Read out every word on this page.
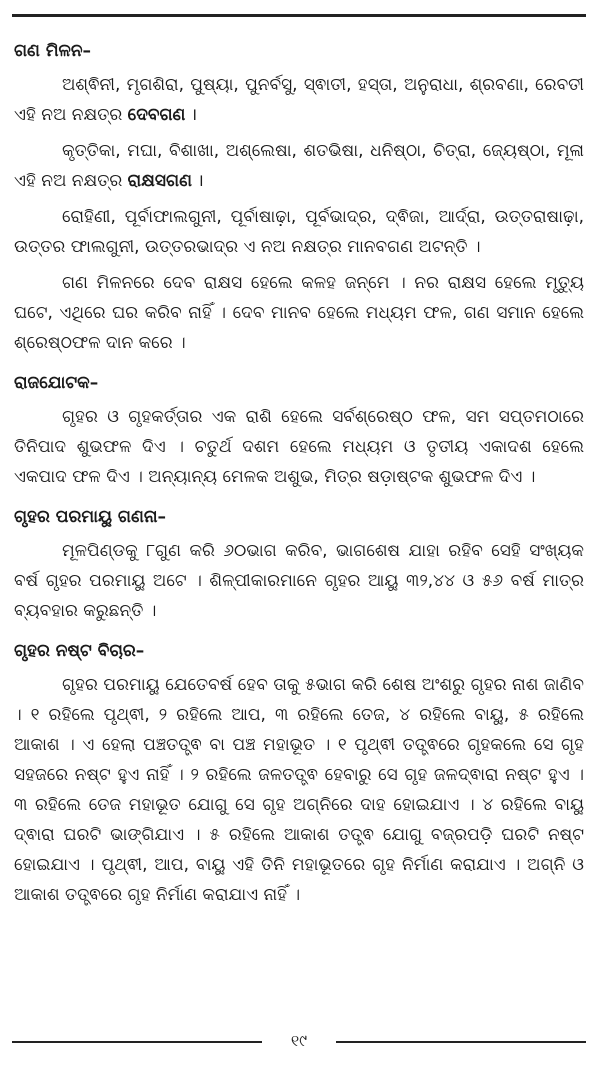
ଗଣ ମିଳନ–

ଅଶ୍ଵିନୀ, ମୃଗଶିରା, ପୁଷ୍ୟା, ପୁନର୍ବସୁ, ସ୍ଵାତୀ, ହସ୍ତା, ଅନୁରାଧା, ଶ୍ରବଣା, ରେବତୀ ଏହି ନଅ ନକ୍ଷତ୍ର ଦେବଗଣ ।

କୃତ୍ତିକା, ମଘା, ବିଶାଖା, ଅଶ୍ଲେଷା, ଶତଭିଷା, ଧନିଷ୍ଠା, ଚିତ୍ରା, ଜ୍ୟେଷ୍ଠା, ମୂଳା ଏହି ନଅ ନକ୍ଷତ୍ର ରାକ୍ଷସଗଣ ।

ରୋହିଣୀ, ପୂର୍ବାଫାଲଗୁନୀ, ପୂର୍ବାଷାଢ଼ା, ପୂର୍ବଭାଦ୍ର, ଦ୍ଵିଜା, ଆର୍ଦ୍ରା, ଉତ୍ତରାଷାଢ଼ା, ଉତ୍ତର ଫାଲଗୁନୀ, ଉତ୍ତରଭାଦ୍ର ଏ ନଅ ନକ୍ଷତ୍ର ମାନବଗଣ ଅଟନ୍ତି ।

ଗଣ ମିଳନରେ ଦେବ ରାକ୍ଷସ ହେଲେ କଳହ ଜନ୍ମେ । ନର ରାକ୍ଷସ ହେଲେ ମୃତ୍ୟୁ ଘଟେ, ଏଥିରେ ଘର କରିବ ନାହିଁ । ଦେବ ମାନବ ହେଲେ ମଧ୍ୟମ ଫଳ, ଗଣ ସମାନ ହେଲେ ଶ୍ରେଷ୍ଠଫଳ ଦାନ କରେ ।

ରାଜଯୋଟକ–

ଗୃହର ଓ ଗୃହକର୍ତ୍ତାର ଏକ ରାଶି ହେଲେ ସର୍ବଶ୍ରେଷ୍ଠ ଫଳ, ସମ ସପ୍ତମଠାରେ ତିନିପାଦ ଶୁଭଫଳ ଦିଏ । ଚତୁର୍ଥ ଦଶମ ହେଲେ ମଧ୍ୟମ ଓ ତୃତୀୟ ଏକାଦଶ ହେଲେ ଏକପାଦ ଫଳ ଦିଏ । ଅନ୍ୟାନ୍ୟ ମେଳକ ଅଶୁଭ, ମିତ୍ର ଷଡ଼ାଷ୍ଟକ ଶୁଭଫଳ ଦିଏ ।

ଗୃହର ପରମାୟୁ ଗଣନା–

ମୂଳପିଣ୍ଡକୁ ୮ଗୁଣ କରି ୬୦ଭାଗ କରିବ, ଭାଗଶେଷ ଯାହା ରହିବ ସେହି ସଂଖ୍ୟକ ବର୍ଷ ଗୃହର ପରମାୟୁ ଅଟେ । ଶିଳ୍ପୀକାରମାନେ ଗୃହର ଆୟୁ ୩୨,୪୪ ଓ ୫୬ ବର୍ଷ ମାତ୍ର ବ୍ୟବହାର କରୁଛନ୍ତି ।

ଗୃହର ନଷ୍ଟ ବିଚାର–

ଗୃହର ପରମାୟୁ ଯେତେବର୍ଷ ହେବ ତାକୁ ୫ଭାଗ କରି ଶେଷ ଅଂଶରୁ ଗୃହର ନାଶ ଜାଣିବ । ୧ ରହିଲେ ପୃଥ୍ଵୀ, ୨ ରହିଲେ ଆପ, ୩ ରହିଲେ ତେଜ, ୪ ରହିଲେ ବାୟୁ, ୫ ରହିଲେ ଆକାଶ । ଏ ହେଲା ପଞ୍ଚତତ୍ତ୍ଵ ବା ପଞ୍ଚ ମହାଭୂତ । ୧ ପୃଥ୍ଵୀ ତତ୍ତ୍ଵରେ ଗୃହକଲେ ସେ ଗୃହ ସହଜରେ ନଷ୍ଟ ହୁଏ ନାହିଁ । ୨ ରହିଲେ ଜଳତତ୍ତ୍ଵ ହେବାରୁ ସେ ଗୃହ ଜଳଦ୍ଵାରା ନଷ୍ଟ ହୁଏ । ୩ ରହିଲେ ତେଜ ମହାଭୂତ ଯୋଗୁ ସେ ଗୃହ ଅଗ୍ନିରେ ଦାହ ହୋଇଯାଏ । ୪ ରହିଲେ ବାୟୁ ଦ୍ଵାରା ଘରଟି ଭାଙ୍ଗିଯାଏ । ୫ ରହିଲେ ଆକାଶ ତତ୍ତ୍ଵ ଯୋଗୁ ବଜ୍ରପଡ଼ି ଘରଟି ନଷ୍ଟ ହୋଇଯାଏ । ପୃଥ୍ଵୀ, ଆପ, ବାୟୁ ଏହି ତିନି ମହାଭୂତରେ ଗୃହ ନିର୍ମାଣ କରାଯାଏ । ଅଗ୍ନି ଓ ଆକାଶ ତତ୍ତ୍ଵରେ ଗୃହ ନିର୍ମାଣ କରାଯାଏ ନାହିଁ ।

୧୯
